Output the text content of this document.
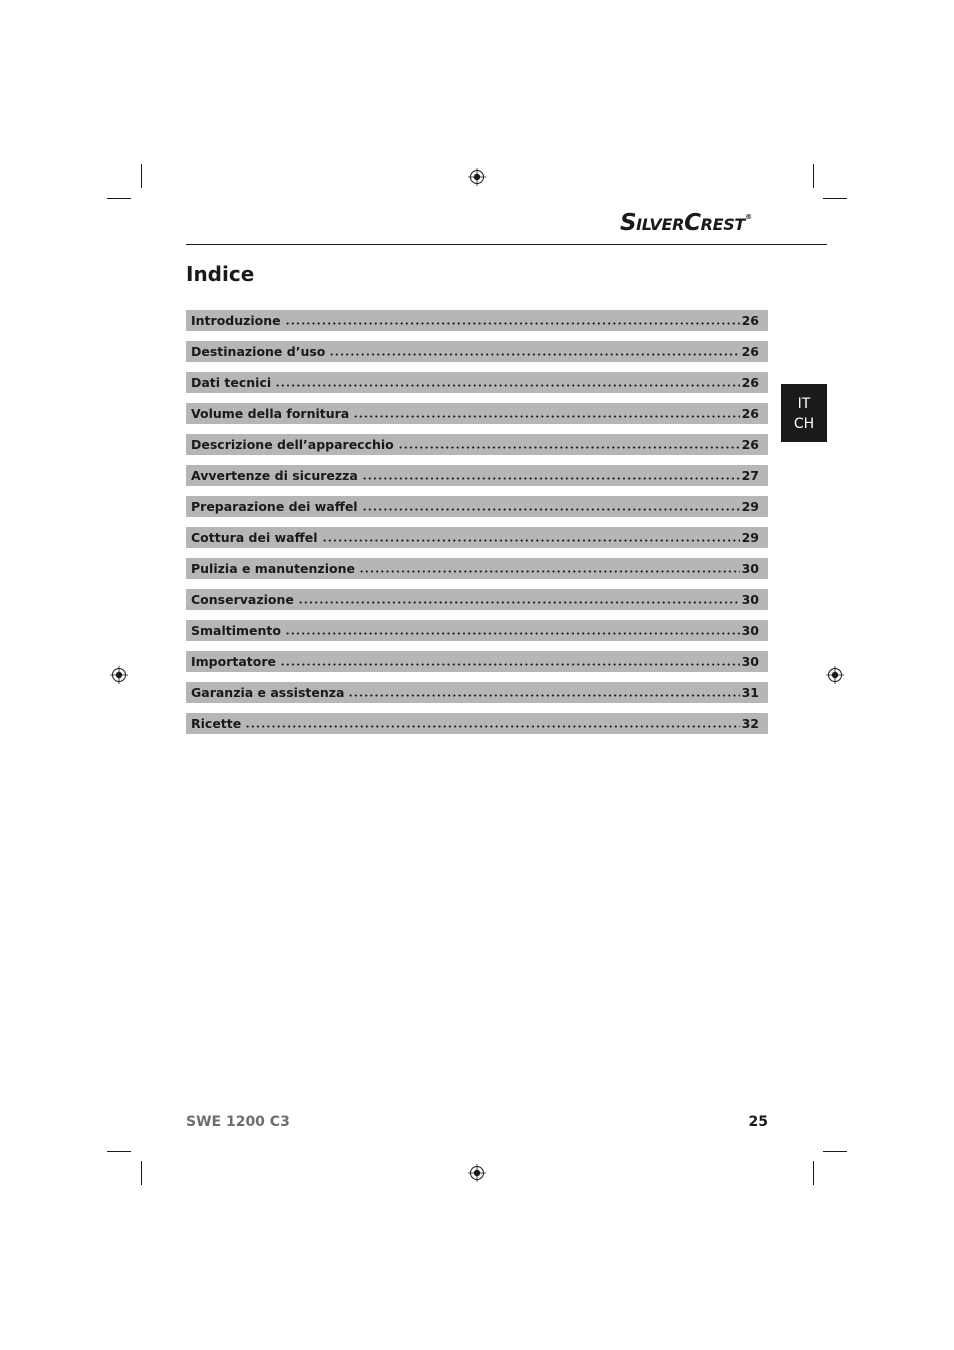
SILVERCREST®
Indice
Introduzione	26
Destinazione d’uso	26
Dati tecnici	26
Volume della fornitura	26
Descrizione dell’apparecchio	26
Avvertenze di sicurezza	27
Preparazione dei waffel	29
Cottura dei waffel	29
Pulizia e manutenzione	30
Conservazione	30
Smaltimento	30
Importatore	30
Garanzia e assistenza	31
Ricette	32
IT
CH
SWE 1200 C3	25
